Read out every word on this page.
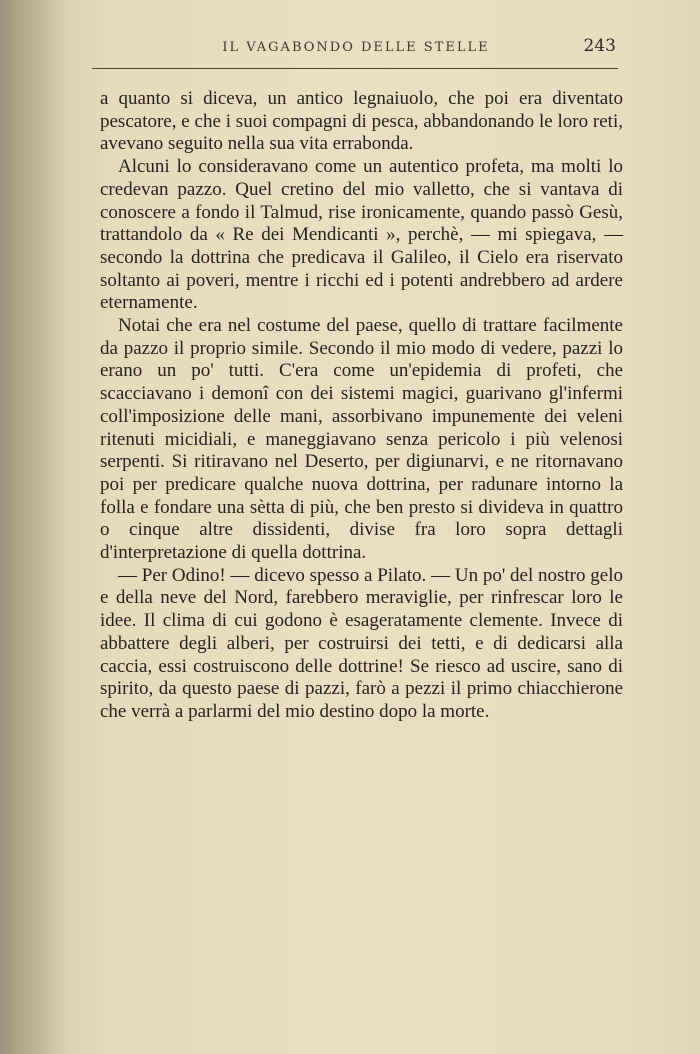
IL VAGABONDO DELLE STELLE	243

a quanto si diceva, un antico legnaiuolo, che poi era diventato pescatore, e che i suoi compagni di pesca, abbandonando le loro reti, avevano seguito nella sua vita errabonda.

Alcuni lo consideravano come un autentico profeta, ma molti lo credevan pazzo. Quel cretino del mio valletto, che si vantava di conoscere a fondo il Talmud, rise ironicamente, quando passò Gesù, trattandolo da « Re dei Mendicanti », perchè, — mi spiegava, — secondo la dottrina che predicava il Galileo, il Cielo era riservato soltanto ai poveri, mentre i ricchi ed i potenti andrebbero ad ardere eternamente.

Notai che era nel costume del paese, quello di trattare facilmente da pazzo il proprio simile. Secondo il mio modo di vedere, pazzi lo erano un po' tutti. C'era come un'epidemia di profeti, che scacciavano i demonî con dei sistemi magici, guarivano gl'infermi coll'imposizione delle mani, assorbivano impunemente dei veleni ritenuti micidiali, e maneggiavano senza pericolo i più velenosi serpenti. Si ritiravano nel Deserto, per digiunarvi, e ne ritornavano poi per predicare qualche nuova dottrina, per radunare intorno la folla e fondare una sètta di più, che ben presto si divideva in quattro o cinque altre dissidenti, divise fra loro sopra dettagli d'interpretazione di quella dottrina.

— Per Odino! — dicevo spesso a Pilato. — Un po' del nostro gelo e della neve del Nord, farebbero meraviglie, per rinfrescar loro le idee. Il clima di cui godono è esageratamente clemente. Invece di abbattere degli alberi, per costruirsi dei tetti, e di dedicarsi alla caccia, essi costruiscono delle dottrine! Se riesco ad uscire, sano di spirito, da questo paese di pazzi, farò a pezzi il primo chiacchierone che verrà a parlarmi del mio destino dopo la morte.
